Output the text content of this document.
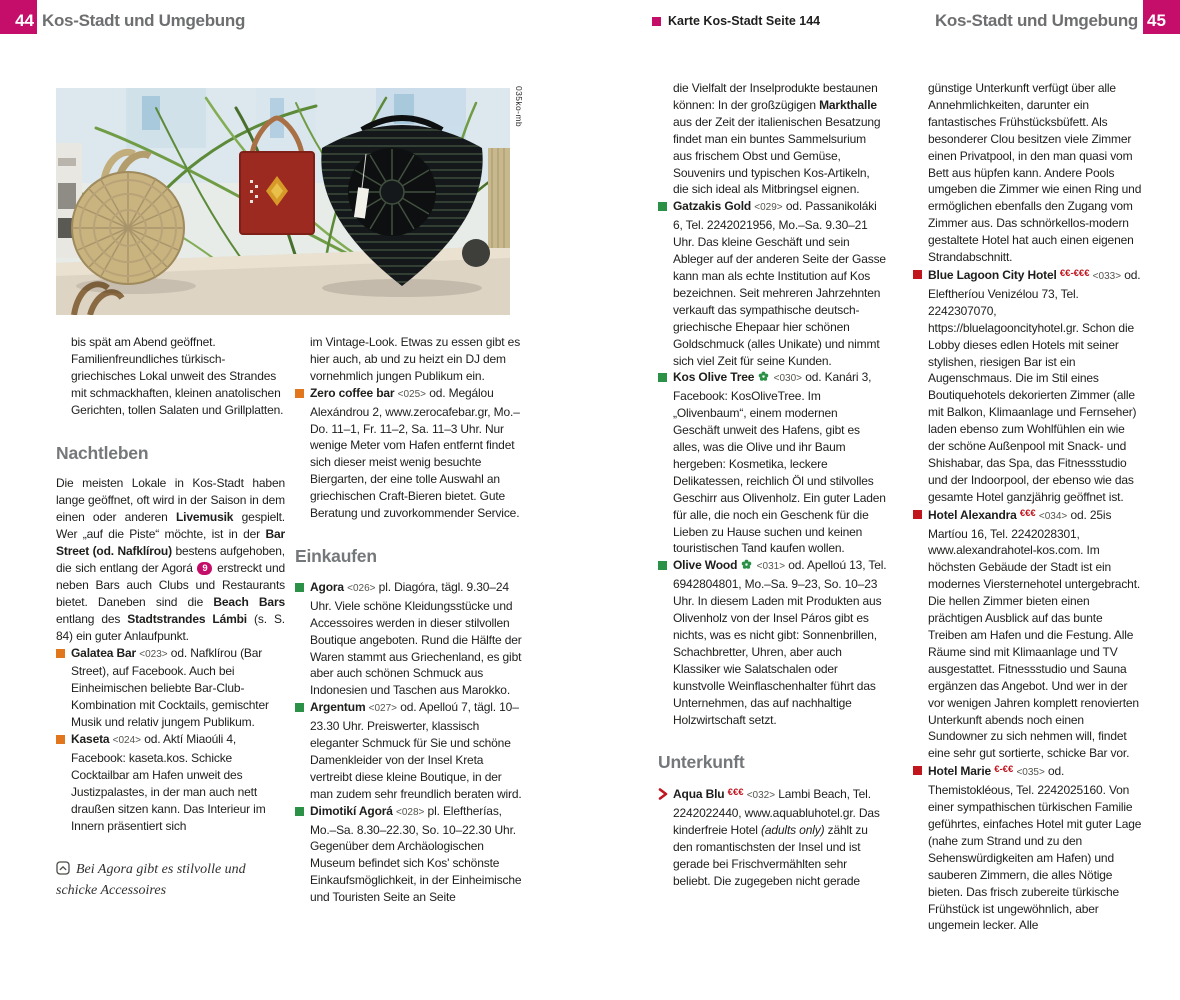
44 Kos-Stadt und Umgebung	Karte Kos-Stadt Seite 144	Kos-Stadt und Umgebung 45
035ko-mb

bis spät am Abend geöffnet. Familienfreundliches türkisch-griechisches Lokal unweit des Strandes mit schmackhaften, kleinen anatolischen Gerichten, tollen Salaten und Grillplatten.

Nachtleben

Die meisten Lokale in Kos-Stadt haben lange geöffnet, oft wird in der Saison in dem einen oder anderen Livemusik gespielt. Wer „auf die Piste“ möchte, ist in der Bar Street (od. Nafklírou) bestens aufgehoben, die sich entlang der Agorá 9 erstreckt und neben Bars auch Clubs und Restaurants bietet. Daneben sind die Beach Bars entlang des Stadtstrandes Lámbi (s. S. 84) ein guter Anlaufpunkt.

Galatea Bar <023> od. Nafklírou (Bar Street), auf Facebook. Auch bei Einheimischen beliebte Bar-Club-Kombination mit Cocktails, gemischter Musik und relativ jungem Publikum.
Kaseta <024> od. Aktí Miaoúli 4, Facebook: kaseta.kos. Schicke Cocktailbar am Hafen unweit des Justizpalastes, in der man auch nett draußen sitzen kann. Das Interieur im Innern präsentiert sich

Bei Agora gibt es stilvolle und schicke Accessoires

im Vintage-Look. Etwas zu essen gibt es hier auch, ab und zu heizt ein DJ dem vornehmlich jungen Publikum ein.

Zero coffee bar <025> od. Megálou Alexándrou 2, www.zerocafebar.gr, Mo.–Do. 11–1, Fr. 11–2, Sa. 11–3 Uhr. Nur wenige Meter vom Hafen entfernt findet sich dieser meist wenig besuchte Biergarten, der eine tolle Auswahl an griechischen Craft-Bieren bietet. Gute Beratung und zuvorkommender Service.
Einkaufen
Agora <026> pl. Diagóra, tägl. 9.30–24 Uhr. Viele schöne Kleidungsstücke und Accessoires werden in dieser stilvollen Boutique angeboten. Rund die Hälfte der Waren stammt aus Griechenland, es gibt aber auch schönen Schmuck aus Indonesien und Taschen aus Marokko.
Argentum <027> od. Apelloú 7, tägl. 10–23.30 Uhr. Preiswerter, klassisch eleganter Schmuck für Sie und schöne Damenkleider von der Insel Kreta vertreibt diese kleine Boutique, in der man zudem sehr freundlich beraten wird.
Dimotikí Agorá <028> pl. Eleftherías, Mo.–Sa. 8.30–22.30, So. 10–22.30 Uhr. Gegenüber dem Archäologischen Museum befindet sich Kos' schönste Einkaufsmöglichkeit, in der Einheimische und Touristen Seite an Seite

die Vielfalt der Inselprodukte bestaunen können: In der großzügigen Markthalle aus der Zeit der italienischen Besatzung findet man ein buntes Sammelsurium aus frischem Obst und Gemüse, Souvenirs und typischen Kos-Artikeln, die sich ideal als Mitbringsel eignen.

Gatzakis Gold <029> od. Passanikoláki 6, Tel. 2242021956, Mo.–Sa. 9.30–21 Uhr. Das kleine Geschäft und sein Ableger auf der anderen Seite der Gasse kann man als echte Institution auf Kos bezeichnen. Seit mehreren Jahrzehnten verkauft das sympathische deutsch-griechische Ehepaar hier schönen Goldschmuck (alles Unikate) und nimmt sich viel Zeit für seine Kunden.
Kos Olive Tree <030> od. Kanári 3, Facebook: KosOliveTree. Im „Olivenbaum“, einem modernen Geschäft unweit des Hafens, gibt es alles, was die Olive und ihr Baum hergeben: Kosmetika, leckere Delikatessen, reichlich Öl und stilvolles Geschirr aus Olivenholz. Ein guter Laden für alle, die noch ein Geschenk für die Lieben zu Hause suchen und keinen touristischen Tand kaufen wollen.
Olive Wood <031> od. Apelloú 13, Tel. 6942804801, Mo.–Sa. 9–23, So. 10–23 Uhr. In diesem Laden mit Produkten aus Olivenholz von der Insel Páros gibt es nichts, was es nicht gibt: Sonnenbrillen, Schachbretter, Uhren, aber auch Klassiker wie Salatschalen oder kunstvolle Weinflaschenhalter führt das Unternehmen, das auf nachhaltige Holzwirtschaft setzt.
Unterkunft
Aqua Blu €€€ <032> Lambi Beach, Tel. 2242022440, www.aquabluhotel.gr. Das kinderfreie Hotel (adults only) zählt zu den romantischsten der Insel und ist gerade bei Frischvermählten sehr beliebt. Die zugegeben nicht gerade

günstige Unterkunft verfügt über alle Annehmlichkeiten, darunter ein fantastisches Frühstücksbüfett. Als besonderer Clou besitzen viele Zimmer einen Privatpool, in den man quasi vom Bett aus hüpfen kann. Andere Pools umgeben die Zimmer wie einen Ring und ermöglichen ebenfalls den Zugang vom Zimmer aus. Das schnörkellos-modern gestaltete Hotel hat auch einen eigenen Strandabschnitt.

Blue Lagoon City Hotel €€-€€€ <033> od. Eleftheríou Venizélou 73, Tel. 2242307070, https://bluelagooncityhotel.gr. Schon die Lobby dieses edlen Hotels mit seiner stylishen, riesigen Bar ist ein Augenschmaus. Die im Stil eines Boutiquehotels dekorierten Zimmer (alle mit Balkon, Klimaanlage und Fernseher) laden ebenso zum Wohlfühlen ein wie der schöne Außenpool mit Snack- und Shishabar, das Spa, das Fitnessstudio und der Indoorpool, der ebenso wie das gesamte Hotel ganzjährig geöffnet ist.
Hotel Alexandra €€€ <034> od. 25is Martíou 16, Tel. 2242028301, www.alexandrahotel-kos.com. Im höchsten Gebäude der Stadt ist ein modernes Viersternehotel untergebracht. Die hellen Zimmer bieten einen prächtigen Ausblick auf das bunte Treiben am Hafen und die Festung. Alle Räume sind mit Klimaanlage und TV ausgestattet. Fitnessstudio und Sauna ergänzen das Angebot. Und wer in der vor wenigen Jahren komplett renovierten Unterkunft abends noch einen Sundowner zu sich nehmen will, findet eine sehr gut sortierte, schicke Bar vor.
Hotel Marie €-€€ <035> od. Themistokléous, Tel. 2242025160. Von einer sympathischen türkischen Familie geführtes, einfaches Hotel mit guter Lage (nahe zum Strand und zu den Sehenswürdigkeiten am Hafen) und sauberen Zimmern, die alles Nötige bieten. Das frisch zubereite türkische Frühstück ist ungewöhnlich, aber ungemein lecker. Alle
